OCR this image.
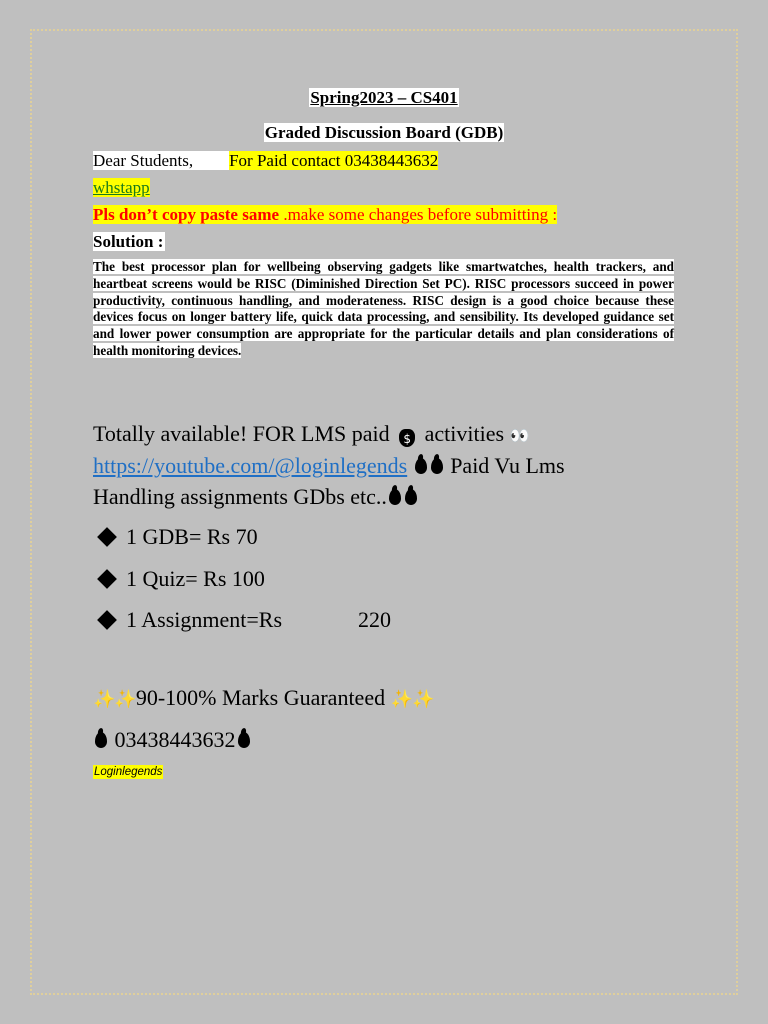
Spring2023 – CS401
Graded Discussion Board (GDB)
Dear Students, For Paid contact 03438443632
whstapp
Pls don’t copy paste same .make some changes before submitting :
Solution :
The best processor plan for wellbeing observing gadgets like smartwatches, health trackers, and heartbeat screens would be RISC (Diminished Direction Set PC). RISC processors succeed in power productivity, continuous handling, and moderateness. RISC design is a good choice because these devices focus on longer battery life, quick data processing, and sensibility. Its developed guidance set and lower power consumption are appropriate for the particular details and plan considerations of health monitoring devices.
Totally available! FOR LMS paid $ activities 👀
https://youtube.com/@loginlegends  Paid Vu Lms
Handling assignments GDbs etc..
1 GDB= Rs 70
1 Quiz= Rs 100
1 Assignment=Rs	220
✨✨90-100% Marks Guaranteed ✨✨
03438443632
Loginlegends
